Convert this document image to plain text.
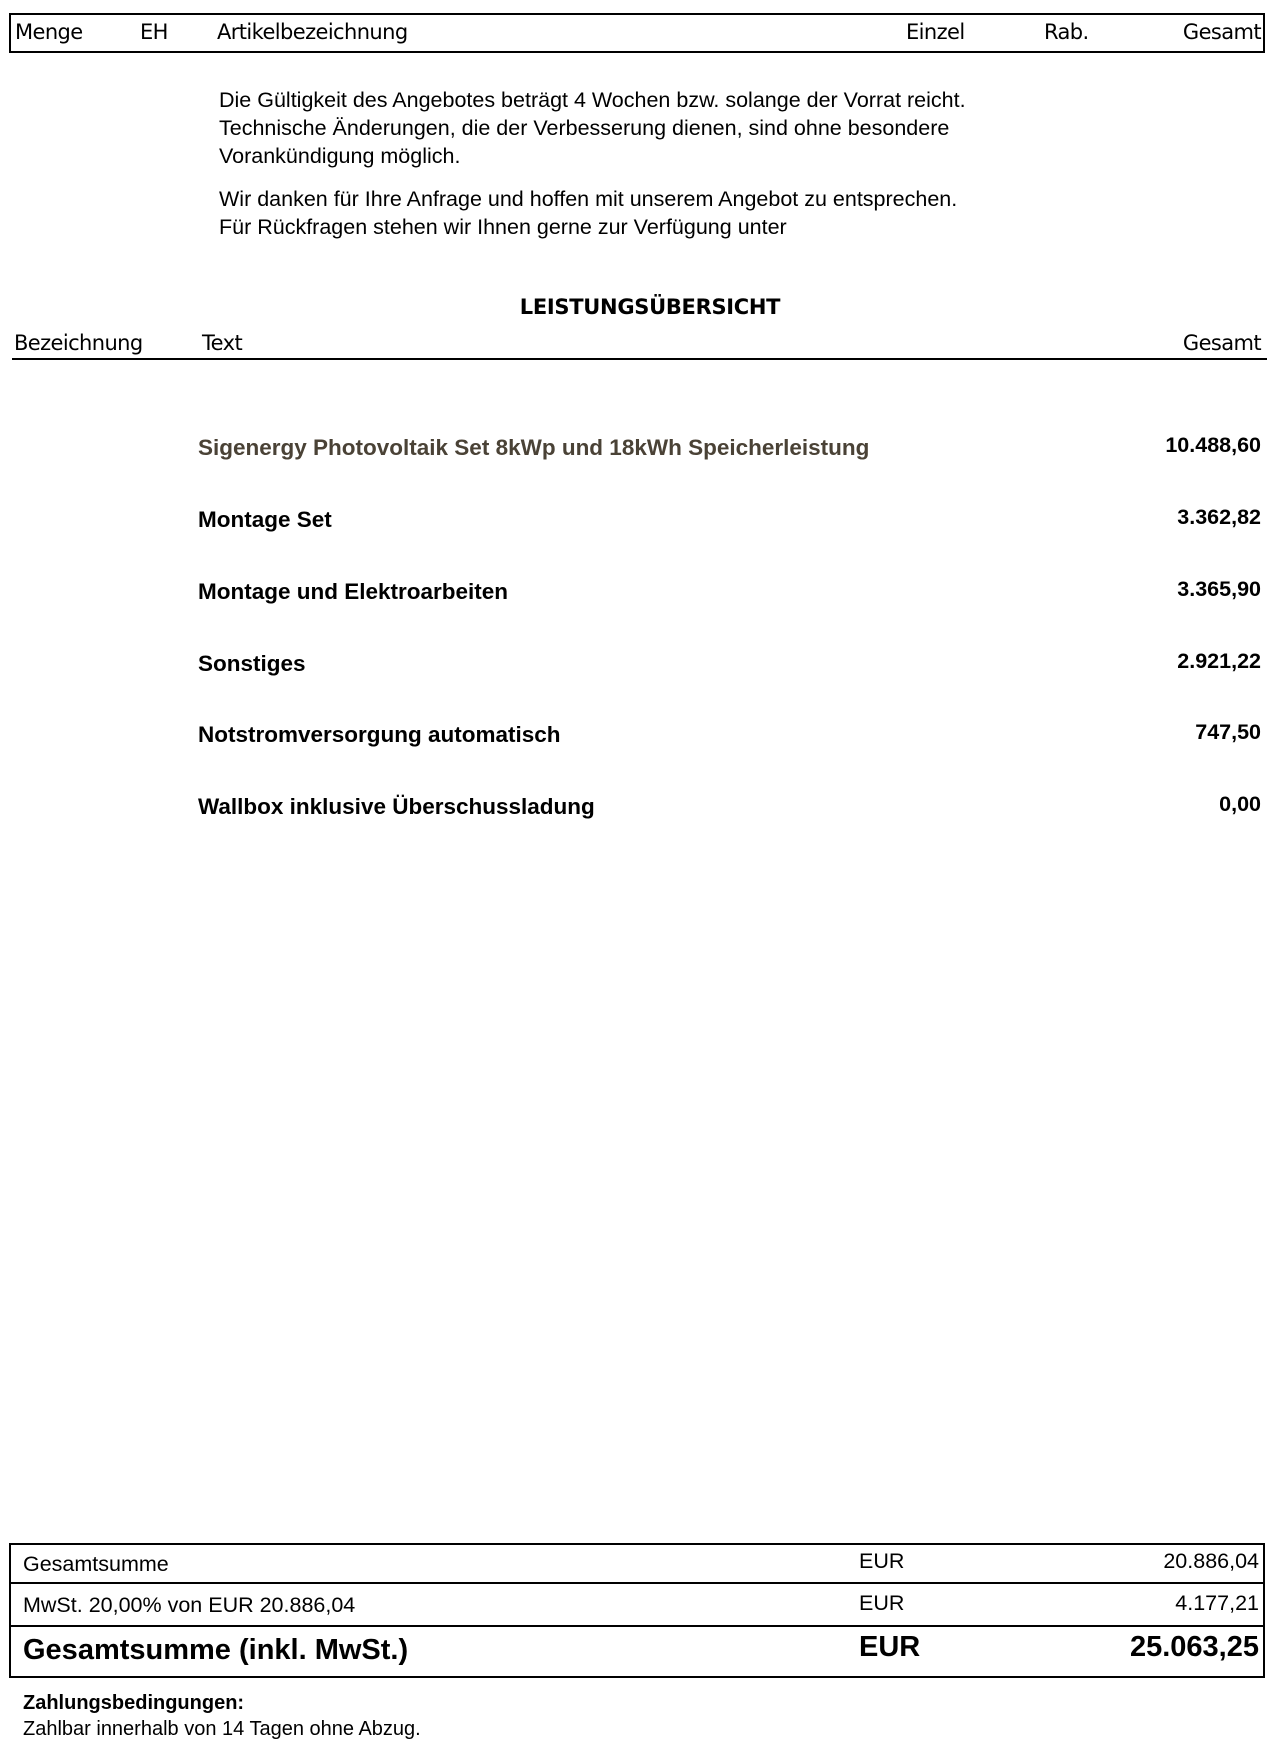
Menge	EH Artikelbezeichnung	Einzel	Rab.	Gesamt
Die Gültigkeit des Angebotes beträgt 4 Wochen bzw. solange der Vorrat reicht.
Technische Änderungen, die der Verbesserung dienen, sind ohne besondere
Vorankündigung möglich.
Wir danken für Ihre Anfrage und hoffen mit unserem Angebot zu entsprechen.
Für Rückfragen stehen wir Ihnen gerne zur Verfügung unter
LEISTUNGSÜBERSICHT
Bezeichnung	Text	Gesamt
Sigenergy Photovoltaik Set 8kWp und 18kWh Speicherleistung	10.488,60
Montage Set	3.362,82
Montage und Elektroarbeiten	3.365,90
Sonstiges	2.921,22
Notstromversorgung automatisch	747,50
Wallbox inklusive Überschussladung	0,00
Gesamtsumme	EUR	20.886,04
MwSt. 20,00% von EUR 20.886,04	EUR	4.177,21
Gesamtsumme (inkl. MwSt.)	EUR	25.063,25
Zahlungsbedingungen:
Zahlbar innerhalb von 14 Tagen ohne Abzug.
